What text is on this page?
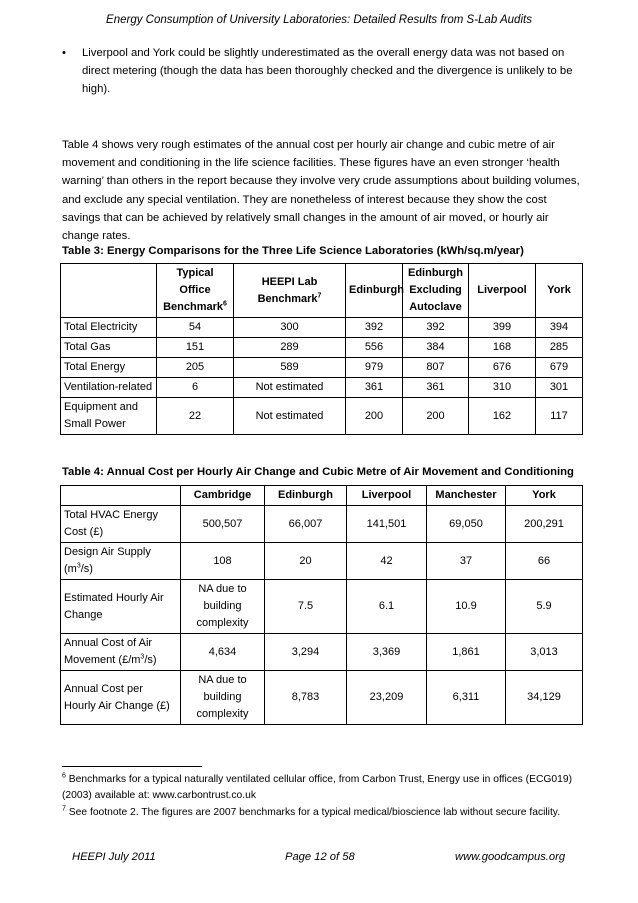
Energy Consumption of University Laboratories: Detailed Results from S-Lab Audits
• Liverpool and York could be slightly underestimated as the overall energy data was not based on direct metering (though the data has been thoroughly checked and the divergence is unlikely to be high).
Table 4 shows very rough estimates of the annual cost per hourly air change and cubic metre of air movement and conditioning in the life science facilities. These figures have an even stronger ‘health warning’ than others in the report because they involve very crude assumptions about building volumes, and exclude any special ventilation. They are nonetheless of interest because they show the cost savings that can be achieved by relatively small changes in the amount of air moved, or hourly air change rates.
Table 3: Energy Comparisons for the Three Life Science Laboratories (kWh/sq.m/year)
	Typical Office Benchmark$^6$	HEEPI Lab Benchmark$^7$	Edinburgh	Edinburgh Excluding Autoclave	Liverpool	York
Total Electricity	54	300	392	392	399	394
Total Gas	151	289	556	384	168	285
Total Energy	205	589	979	807	676	679
Ventilation-related	6	Not estimated	361	361	310	301
Equipment and Small Power	22	Not estimated	200	200	162	117
Table 4: Annual Cost per Hourly Air Change and Cubic Metre of Air Movement and Conditioning
	Cambridge	Edinburgh	Liverpool	Manchester	York
Total HVAC Energy Cost (£)	500,507	66,007	141,501	69,050	200,291
Design Air Supply $(m^3/s)$	108	20	42	37	66
Estimated Hourly Air Change	NA due to building complexity	7.5	6.1	10.9	5.9
Annual Cost of Air Movement $(£/m^3/s)$	4,634	3,294	3,369	1,861	3,013
Annual Cost per Hourly Air Change (£)	NA due to building complexity	8,783	23,209	6,311	34,129
$^6$ Benchmarks for a typical naturally ventilated cellular office, from Carbon Trust, Energy use in offices (ECG019) (2003) available at: www.carbontrust.co.uk
$^7$ See footnote 2. The figures are 2007 benchmarks for a typical medical/bioscience lab without secure facility.
HEEPI July 2011	Page 12 of 58	www.goodcampus.org
